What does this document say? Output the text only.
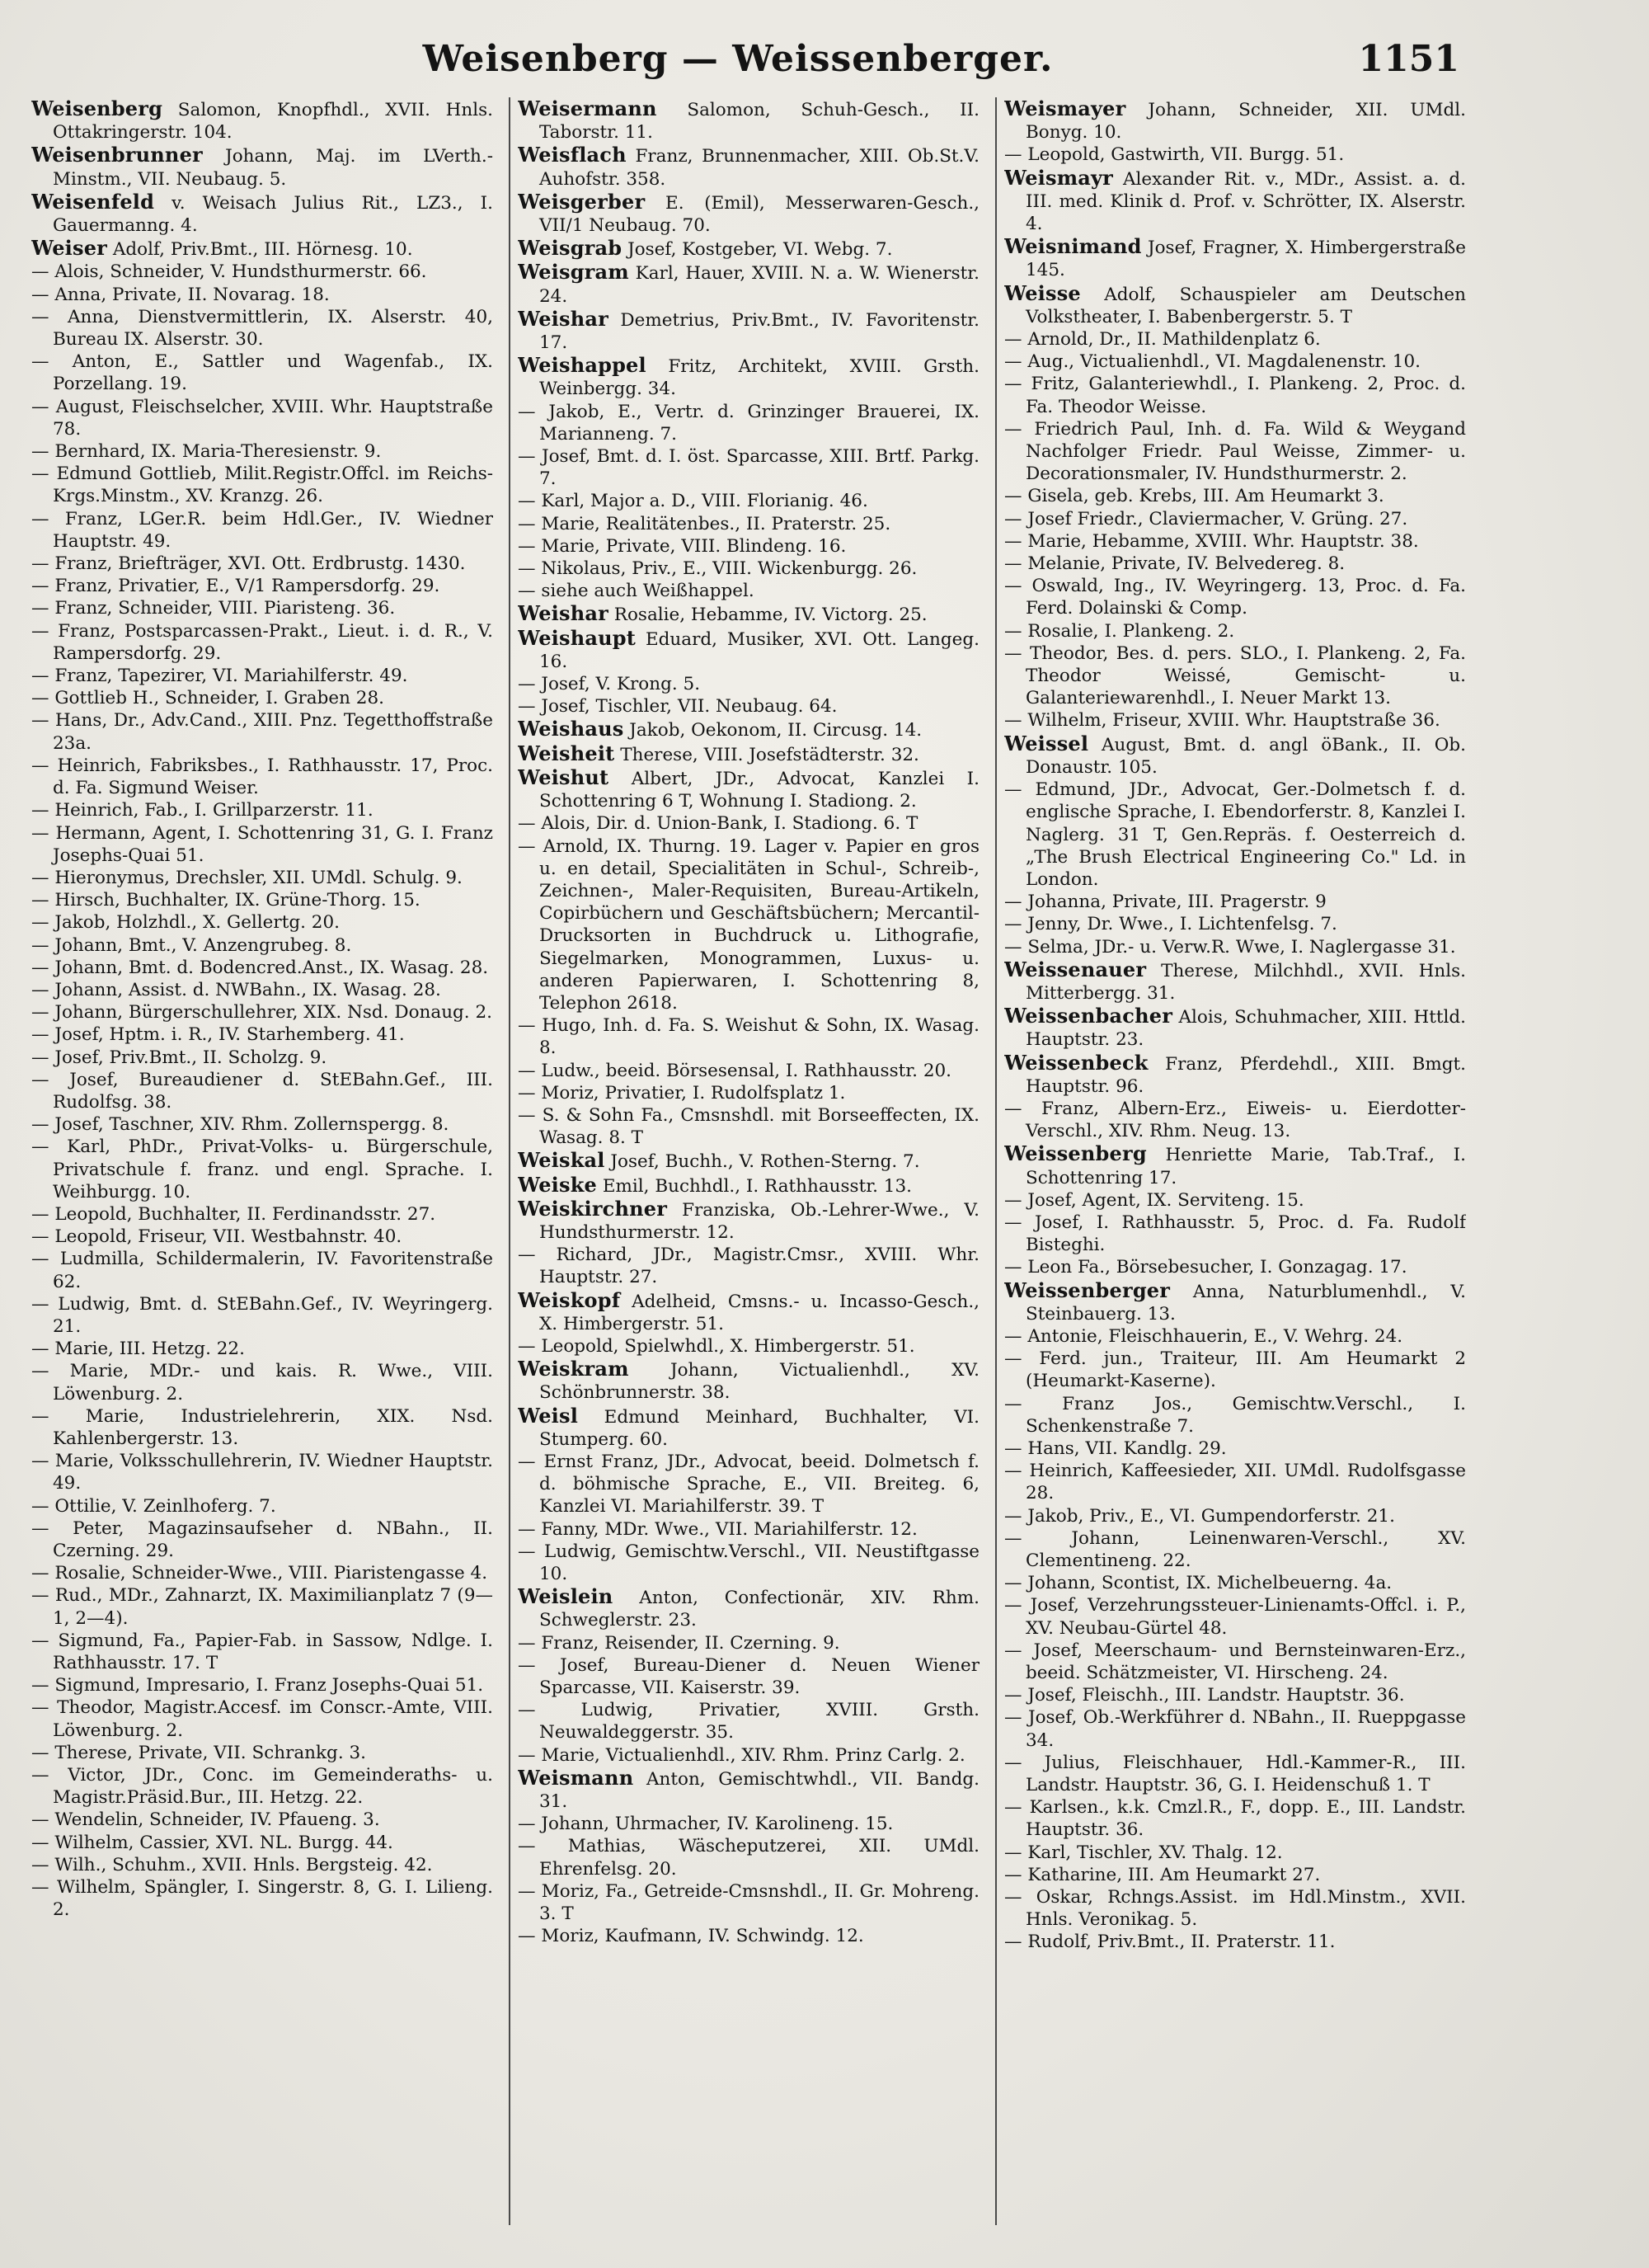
Weisenberg — Weissenberger.	1151
Weisenberg Salomon, Knopfhdl., XVII. Hnls. Ottakringerstr. 104.
Weisenbrunner Johann, Maj. im LVerth.-Minstm., VII. Neubaug. 5.
Weisenfeld v. Weisach Julius Rit., LZ3., I. Gauermanng. 4.
Weiser Adolf, Priv.Bmt., III. Hörnesg. 10.
— Alois, Schneider, V. Hundsthurmerstr. 66.
— Anna, Private, II. Novarag. 18.
— Anna, Dienstvermittlerin, IX. Alserstr. 40, Bureau IX. Alserstr. 30.
— Anton, E., Sattler und Wagenfab., IX. Porzellang. 19.
— August, Fleischselcher, XVIII. Whr. Hauptstraße 78.
— Bernhard, IX. Maria-Theresienstr. 9.
— Edmund Gottlieb, Milit.Registr.Offcl. im Reichs-Krgs.Minstm., XV. Kranzg. 26.
— Franz, LGer.R. beim Hdl.Ger., IV. Wiedner Hauptstr. 49.
— Franz, Briefträger, XVI. Ott. Erdbrustg. 1430.
— Franz, Privatier, E., V/1 Rampersdorfg. 29.
— Franz, Schneider, VIII. Piaristeng. 36.
— Franz, Postsparcassen-Prakt., Lieut. i. d. R., V. Rampersdorfg. 29.
— Franz, Tapezirer, VI. Mariahilferstr. 49.
— Gottlieb H., Schneider, I. Graben 28.
— Hans, Dr., Adv.Cand., XIII. Pnz. Tegetthoffstraße 23a.
— Heinrich, Fabriksbes., I. Rathhausstr. 17, Proc. d. Fa. Sigmund Weiser.
— Heinrich, Fab., I. Grillparzerstr. 11.
— Hermann, Agent, I. Schottenring 31, G. I. Franz Josephs-Quai 51.
— Hieronymus, Drechsler, XII. UMdl. Schulg. 9.
— Hirsch, Buchhalter, IX. Grüne-Thorg. 15.
— Jakob, Holzhdl., X. Gellertg. 20.
— Johann, Bmt., V. Anzengrubeg. 8.
— Johann, Bmt. d. Bodencred.Anst., IX. Wasag. 28.
— Johann, Assist. d. NWBahn., IX. Wasag. 28.
— Johann, Bürgerschullehrer, XIX. Nsd. Donaug. 2.
— Josef, Hptm. i. R., IV. Starhemberg. 41.
— Josef, Priv.Bmt., II. Scholzg. 9.
— Josef, Bureaudiener d. StEBahn.Gef., III. Rudolfsg. 38.
— Josef, Taschner, XIV. Rhm. Zollernspergg. 8.
— Karl, PhDr., Privat-Volks- u. Bürgerschule, Privatschule f. franz. und engl. Sprache. I. Weihburgg. 10.
— Leopold, Buchhalter, II. Ferdinandsstr. 27.
— Leopold, Friseur, VII. Westbahnstr. 40.
— Ludmilla, Schildermalerin, IV. Favoritenstraße 62.
— Ludwig, Bmt. d. StEBahn.Gef., IV. Weyringerg. 21.
— Marie, III. Hetzg. 22.
— Marie, MDr.- und kais. R. Wwe., VIII. Löwenburg. 2.
— Marie, Industrielehrerin, XIX. Nsd. Kahlenbergerstr. 13.
— Marie, Volksschullehrerin, IV. Wiedner Hauptstr. 49.
— Ottilie, V. Zeinlhoferg. 7.
— Peter, Magazinsaufseher d. NBahn., II. Czerning. 29.
— Rosalie, Schneider-Wwe., VIII. Piaristengasse 4.
— Rud., MDr., Zahnarzt, IX. Maximilianplatz 7 (9—1, 2—4).
— Sigmund, Fa., Papier-Fab. in Sassow, Ndlge. I. Rathhausstr. 17. T
— Sigmund, Impresario, I. Franz Josephs-Quai 51.
— Theodor, Magistr.Accesf. im Conscr.-Amte, VIII. Löwenburg. 2.
— Therese, Private, VII. Schrankg. 3.
— Victor, JDr., Conc. im Gemeinderaths- u. Magistr.Präsid.Bur., III. Hetzg. 22.
— Wendelin, Schneider, IV. Pfaueng. 3.
— Wilhelm, Cassier, XVI. NL. Burgg. 44.
— Wilh., Schuhm., XVII. Hnls. Bergsteig. 42.
— Wilhelm, Spängler, I. Singerstr. 8, G. I. Lilieng. 2.
Weisermann Salomon, Schuh-Gesch., II. Taborstr. 11.
Weisflach Franz, Brunnenmacher, XIII. Ob.St.V. Auhofstr. 358.
Weisgerber E. (Emil), Messerwaren-Gesch., VII/1 Neubaug. 70.
Weisgrab Josef, Kostgeber, VI. Webg. 7.
Weisgram Karl, Hauer, XVIII. N. a. W. Wienerstr. 24.
Weishar Demetrius, Priv.Bmt., IV. Favoritenstr. 17.
Weishappel Fritz, Architekt, XVIII. Grsth. Weinbergg. 34.
— Jakob, E., Vertr. d. Grinzinger Brauerei, IX. Marianneng. 7.
— Josef, Bmt. d. I. öst. Sparcasse, XIII. Brtf. Parkg. 7.
— Karl, Major a. D., VIII. Florianig. 46.
— Marie, Realitätenbes., II. Praterstr. 25.
— Marie, Private, VIII. Blindeng. 16.
— Nikolaus, Priv., E., VIII. Wickenburgg. 26.
— siehe auch Weißhappel.
Weishar Rosalie, Hebamme, IV. Victorg. 25.
Weishaupt Eduard, Musiker, XVI. Ott. Langeg. 16.
— Josef, V. Krong. 5.
— Josef, Tischler, VII. Neubaug. 64.
Weishaus Jakob, Oekonom, II. Circusg. 14.
Weisheit Therese, VIII. Josefstädterstr. 32.
Weishut Albert, JDr., Advocat, Kanzlei I. Schottenring 6 T, Wohnung I. Stadiong. 2.
— Alois, Dir. d. Union-Bank, I. Stadiong. 6. T
— Arnold, IX. Thurng. 19. Lager v. Papier en gros u. en detail, Specialitäten in Schul-, Schreib-, Zeichnen-, Maler-Requisiten, Bureau-Artikeln, Copirbüchern und Geschäftsbüchern; Mercantil-Drucksorten in Buchdruck u. Lithografie, Siegelmarken, Monogrammen, Luxus- u. anderen Papierwaren, I. Schottenring 8, Telephon 2618.
— Hugo, Inh. d. Fa. S. Weishut & Sohn, IX. Wasag. 8.
— Ludw., beeid. Börsesensal, I. Rathhausstr. 20.
— Moriz, Privatier, I. Rudolfsplatz 1.
— S. & Sohn Fa., Cmsnshdl. mit Borseeffecten, IX. Wasag. 8. T
Weiskal Josef, Buchh., V. Rothen-Sterng. 7.
Weiske Emil, Buchhdl., I. Rathhausstr. 13.
Weiskirchner Franziska, Ob.-Lehrer-Wwe., V. Hundsthurmerstr. 12.
— Richard, JDr., Magistr.Cmsr., XVIII. Whr. Hauptstr. 27.
Weiskopf Adelheid, Cmsns.- u. Incasso-Gesch., X. Himbergerstr. 51.
— Leopold, Spielwhdl., X. Himbergerstr. 51.
Weiskram Johann, Victualienhdl., XV. Schönbrunnerstr. 38.
Weisl Edmund Meinhard, Buchhalter, VI. Stumperg. 60.
— Ernst Franz, JDr., Advocat, beeid. Dolmetsch f. d. böhmische Sprache, E., VII. Breiteg. 6, Kanzlei VI. Mariahilferstr. 39. T
— Fanny, MDr. Wwe., VII. Mariahilferstr. 12.
— Ludwig, Gemischtw.Verschl., VII. Neustiftgasse 10.
Weislein Anton, Confectionär, XIV. Rhm. Schweglerstr. 23.
— Franz, Reisender, II. Czerning. 9.
— Josef, Bureau-Diener d. Neuen Wiener Sparcasse, VII. Kaiserstr. 39.
— Ludwig, Privatier, XVIII. Grsth. Neuwaldeggerstr. 35.
— Marie, Victualienhdl., XIV. Rhm. Prinz Carlg. 2.
Weismann Anton, Gemischtwhdl., VII. Bandg. 31.
— Johann, Uhrmacher, IV. Karolineng. 15.
— Mathias, Wäscheputzerei, XII. UMdl. Ehrenfelsg. 20.
— Moriz, Fa., Getreide-Cmsnshdl., II. Gr. Mohreng. 3. T
— Moriz, Kaufmann, IV. Schwindg. 12.
Weismayer Johann, Schneider, XII. UMdl. Bonyg. 10.
— Leopold, Gastwirth, VII. Burgg. 51.
Weismayr Alexander Rit. v., MDr., Assist. a. d. III. med. Klinik d. Prof. v. Schrötter, IX. Alserstr. 4.
Weisnimand Josef, Fragner, X. Himbergerstraße 145.
Weisse Adolf, Schauspieler am Deutschen Volkstheater, I. Babenbergerstr. 5. T
— Arnold, Dr., II. Mathildenplatz 6.
— Aug., Victualienhdl., VI. Magdalenenstr. 10.
— Fritz, Galanteriewhdl., I. Plankeng. 2, Proc. d. Fa. Theodor Weisse.
— Friedrich Paul, Inh. d. Fa. Wild & Weygand Nachfolger Friedr. Paul Weisse, Zimmer- u. Decorationsmaler, IV. Hundsthurmerstr. 2.
— Gisela, geb. Krebs, III. Am Heumarkt 3.
— Josef Friedr., Claviermacher, V. Grüng. 27.
— Marie, Hebamme, XVIII. Whr. Hauptstr. 38.
— Melanie, Private, IV. Belvedereg. 8.
— Oswald, Ing., IV. Weyringerg. 13, Proc. d. Fa. Ferd. Dolainski & Comp.
— Rosalie, I. Plankeng. 2.
— Theodor, Bes. d. pers. SLO., I. Plankeng. 2, Fa. Theodor Weissé, Gemischt- u. Galanteriewarenhdl., I. Neuer Markt 13.
— Wilhelm, Friseur, XVIII. Whr. Hauptstraße 36.
Weissel August, Bmt. d. angl öBank., II. Ob. Donaustr. 105.
— Edmund, JDr., Advocat, Ger.-Dolmetsch f. d. englische Sprache, I. Ebendorferstr. 8, Kanzlei I. Naglerg. 31 T, Gen.Repräs. f. Oesterreich d. „The Brush Electrical Engineering Co." Ld. in London.
— Johanna, Private, III. Pragerstr. 9
— Jenny, Dr. Wwe., I. Lichtenfelsg. 7.
— Selma, JDr.- u. Verw.R. Wwe, I. Naglergasse 31.
Weissenauer Therese, Milchhdl., XVII. Hnls. Mitterbergg. 31.
Weissenbacher Alois, Schuhmacher, XIII. Httld. Hauptstr. 23.
Weissenbeck Franz, Pferdehdl., XIII. Bmgt. Hauptstr. 96.
— Franz, Albern-Erz., Eiweis- u. Eierdotter-Verschl., XIV. Rhm. Neug. 13.
Weissenberg Henriette Marie, Tab.Traf., I. Schottenring 17.
— Josef, Agent, IX. Serviteng. 15.
— Josef, I. Rathhausstr. 5, Proc. d. Fa. Rudolf Bisteghi.
— Leon Fa., Börsebesucher, I. Gonzagag. 17.
Weissenberger Anna, Naturblumenhdl., V. Steinbauerg. 13.
— Antonie, Fleischhauerin, E., V. Wehrg. 24.
— Ferd. jun., Traiteur, III. Am Heumarkt 2 (Heumarkt-Kaserne).
— Franz Jos., Gemischtw.Verschl., I. Schenkenstraße 7.
— Hans, VII. Kandlg. 29.
— Heinrich, Kaffeesieder, XII. UMdl. Rudolfsgasse 28.
— Jakob, Priv., E., VI. Gumpendorferstr. 21.
— Johann, Leinenwaren-Verschl., XV. Clementineng. 22.
— Johann, Scontist, IX. Michelbeuerng. 4a.
— Josef, Verzehrungssteuer-Linienamts-Offcl. i. P., XV. Neubau-Gürtel 48.
— Josef, Meerschaum- und Bernsteinwaren-Erz., beeid. Schätzmeister, VI. Hirscheng. 24.
— Josef, Fleischh., III. Landstr. Hauptstr. 36.
— Josef, Ob.-Werkführer d. NBahn., II. Rueppgasse 34.
— Julius, Fleischhauer, Hdl.-Kammer-R., III. Landstr. Hauptstr. 36, G. I. Heidenschuß 1. T
— Karlsen., k.k. Cmzl.R., F., dopp. E., III. Landstr. Hauptstr. 36.
— Karl, Tischler, XV. Thalg. 12.
— Katharine, III. Am Heumarkt 27.
— Oskar, Rchngs.Assist. im Hdl.Minstm., XVII. Hnls. Veronikag. 5.
— Rudolf, Priv.Bmt., II. Praterstr. 11.
